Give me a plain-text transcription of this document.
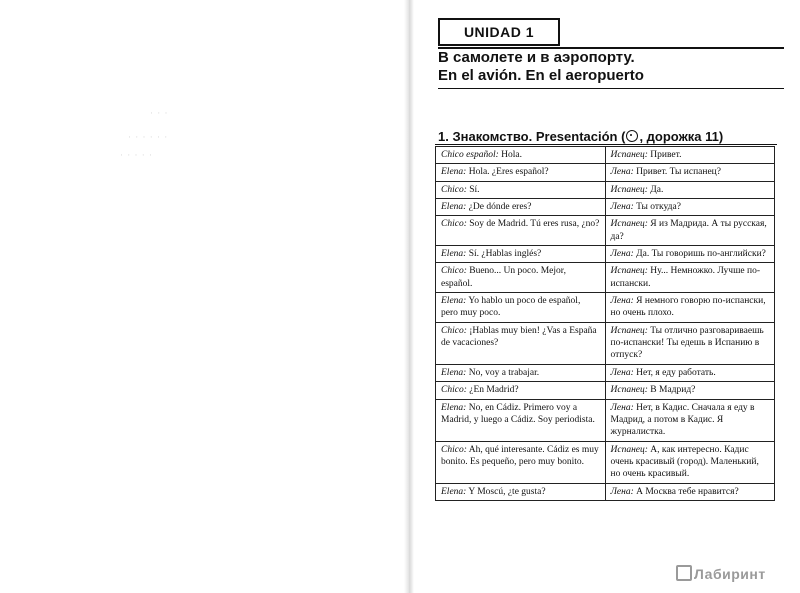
· · ·
· · · · · ·
· · · · ·
UNIDAD 1
В самолете и в аэропорту.
En el avión. En el aeropuerto
1. Знакомство. Presentación ( , дорожка 11)
Chico español: Hola.	Испанец: Привет.
Elena: Hola. ¿Eres español?	Лена: Привет. Ты испанец?
Chico: Sí.	Испанец: Да.
Elena: ¿De dónde eres?	Лена: Ты откуда?
Chico: Soy de Madrid. Tú eres rusa, ¿no?	Испанец: Я из Мадрида. А ты русская, да?
Elena: Sí. ¿Hablas inglés?	Лена: Да. Ты говоришь по-английски?
Chico: Bueno... Un poco. Mejor, español.	Испанец: Ну... Немножко. Лучше по-испански.
Elena: Yo hablo un poco de español, pero muy poco.	Лена: Я немного говорю по-испански, но очень плохо.
Chico: ¡Hablas muy bien! ¿Vas a España de vacaciones?	Испанец: Ты отлично разговариваешь по-испански! Ты едешь в Испанию в отпуск?
Elena: No, voy a trabajar.	Лена: Нет, я еду работать.
Chico: ¿En Madrid?	Испанец: В Мадрид?
Elena: No, en Cádiz. Primero voy a Madrid, y luego a Cádiz. Soy periodista.	Лена: Нет, в Кадис. Сначала я еду в Мадрид, а потом в Кадис. Я журналистка.
Chico: Ah, qué interesante. Cádiz es muy bonito. Es pequeño, pero muy bonito.	Испанец: А, как интересно. Кадис очень красивый (город). Маленький, но очень красивый.
Elena: Y Moscú, ¿te gusta?	Лена: А Москва тебе нравится?
Лабиринт
